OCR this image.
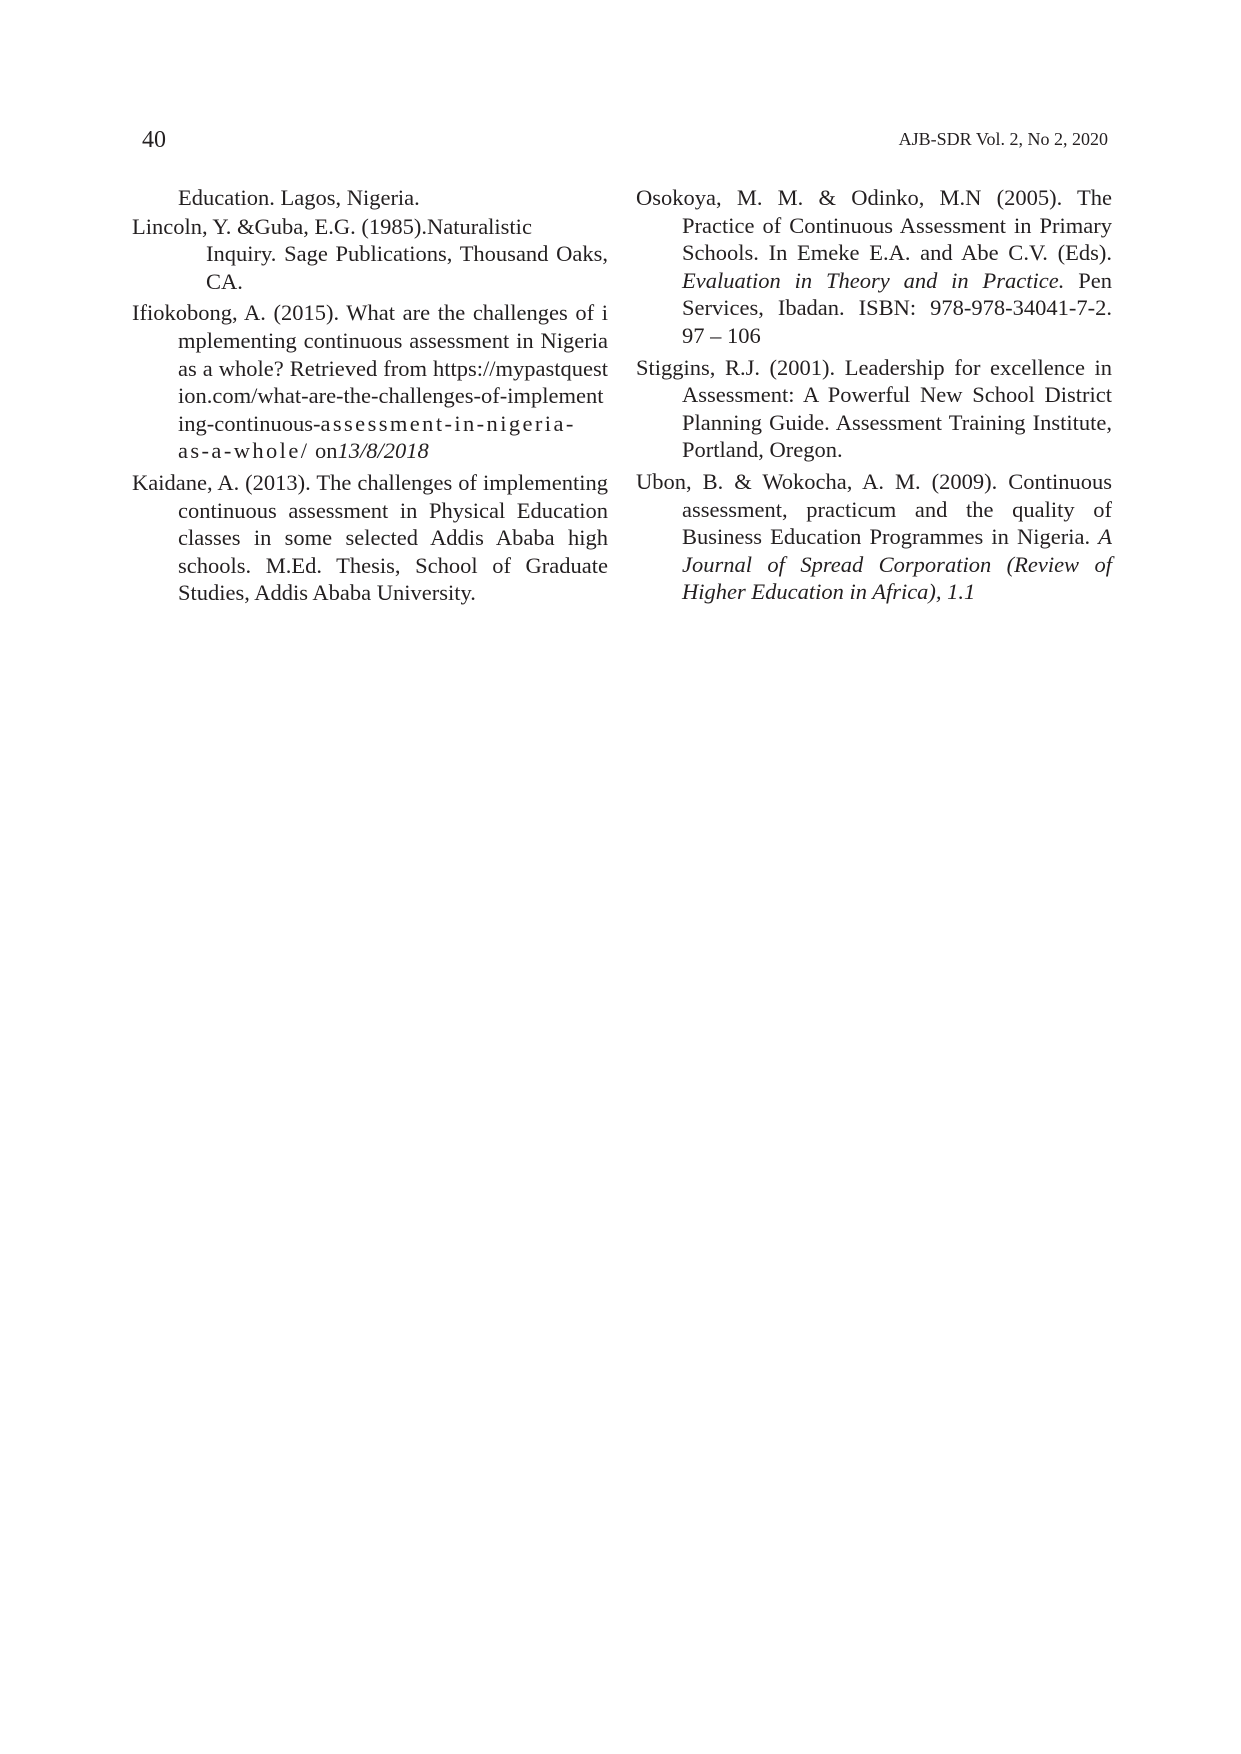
40	AJB-SDR Vol. 2, No 2, 2020

Education. Lagos, Nigeria.

Lincoln, Y. &Guba, E.G. (1985).Naturalistic
Inquiry. Sage Publications, Thousand Oaks, CA.

Ifiokobong, A. (2015). What are the challenges of implementing continuous assessment in Nigeria as a whole? Retrieved from https://mypastquestion.com/what-are-the-challenges-of-implementing-continuous-assessment-in-nigeria-as-a-whole/ on13/8/2018

Kaidane, A. (2013). The challenges of implementing continuous assessment in Physical Education classes in some selected Addis Ababa high schools. M.Ed. Thesis, School of Graduate Studies, Addis Ababa University.

Osokoya, M. M. & Odinko, M.N (2005). The Practice of Continuous Assessment in Primary Schools. In Emeke E.A. and Abe C.V. (Eds). Evaluation in Theory and in Practice. Pen Services, Ibadan. ISBN: 978-978-34041-7-2. 97 – 106

Stiggins, R.J. (2001). Leadership for excellence in Assessment: A Powerful New School District Planning Guide. Assessment Training Institute, Portland, Oregon.

Ubon, B. & Wokocha, A. M. (2009). Continuous assessment, practicum and the quality of Business Education Programmes in Nigeria. A Journal of Spread Corporation (Review of Higher Education in Africa), 1.1
